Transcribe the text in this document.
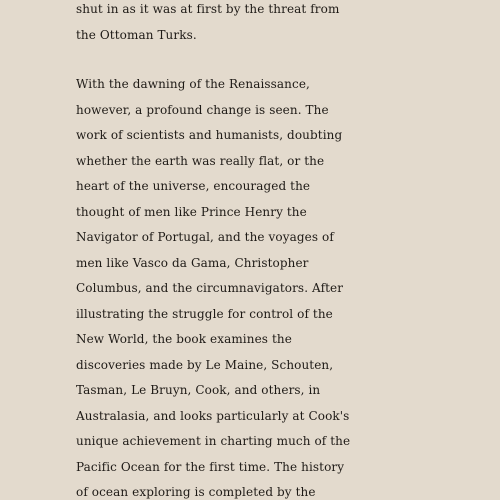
shut in as it was at first by the threat from
the Ottoman Turks.
With the dawning of the Renaissance,
however, a profound change is seen. The
work of scientists and humanists, doubting
whether the earth was really flat, or the
heart of the universe, encouraged the
thought of men like Prince Henry the
Navigator of Portugal, and the voyages of
men like Vasco da Gama, Christopher
Columbus, and the circumnavigators. After
illustrating the struggle for control of the
New World, the book examines the
discoveries made by Le Maine, Schouten,
Tasman, Le Bruyn, Cook, and others, in
Australasia, and looks particularly at Cook's
unique achievement in charting much of the
Pacific Ocean for the first time. The history
of ocean exploring is completed by the
